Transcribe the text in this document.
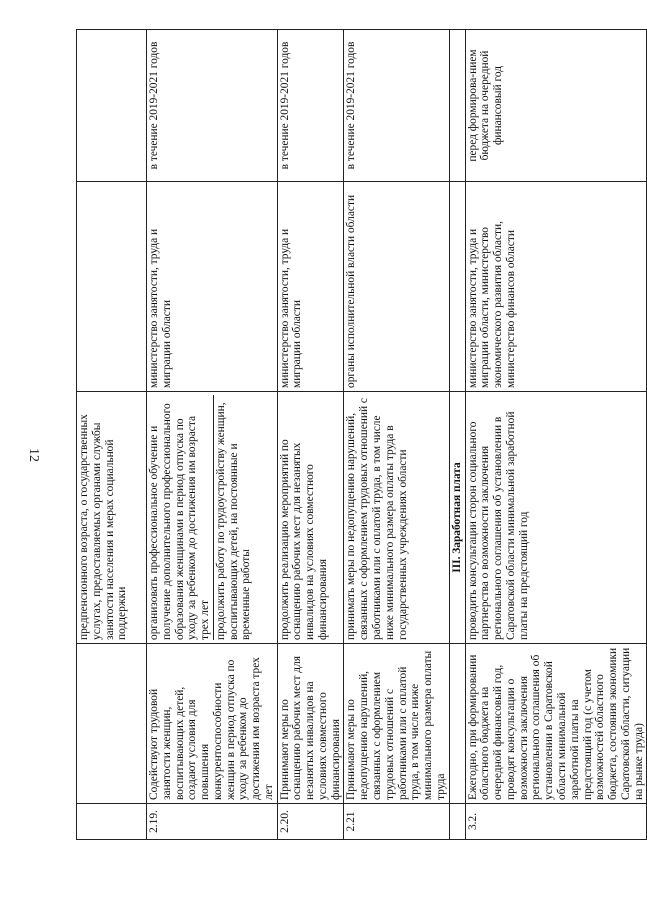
12
			предпенсионного возраста, о государственных услугах, предоставляемых органами службы занятости населения и мерах социальной поддержки		
2.19.	Содействуют трудовой занятости женщин, воспитывающих детей, создают условия для повышения конкурентоспособности женщин в период отпуска по уходу за ребенком до достижения им возраста трех лет	организовать профессиональное обучение и получение дополнительного профессионального образования женщинами в период отпуска по уходу за ребенком до достижения им возраста трех лет продолжить работу по трудоустройству женщин, воспитывающих детей, на постоянные и временные работы	министерство занятости, труда и миграции области	в течение 2019-2021 годов
2.20.	Принимают меры по оснащению рабочих мест для незанятых инвалидов на условиях совместного финансирования	продолжить реализацию мероприятий по оснащению рабочих мест для незанятых инвалидов на условиях совместного финансирования	министерство занятости, труда и миграции области	в течение 2019-2021 годов
2.21	Принимают меры по недопущению нарушений, связанных с оформлением трудовых отношений с работниками или с оплатой труда, в том числе ниже минимального размера оплаты труда	принимать меры по недопущению нарушений, связанных с оформлением трудовых отношений с работниками или с оплатой труда, в том числе ниже минимального размера оплаты труда в государственных учреждениях области	органы исполнительной власти области	в течение 2019-2021 годов
		III. Заработная плата		
3.2.	Ежегодно, при формировании областного бюджета на очередной финансовый год, проводят консультации о возможности заключения регионального соглашения об установлении в Саратовской области минимальной заработной платы на предстоящий год (с учетом возможностей областного бюджета, состояния экономики Саратовской области, ситуации на рынке труда)	проводить консультации сторон социального партнерства о возможности заключения регионального соглашения об установлении в Саратовской области минимальной заработной платы на предстоящий год	министерство занятости, труда и миграции области, министерство экономического развития области, министерство финансов области	перед формирова-нием бюджета на очередной финансовый год
